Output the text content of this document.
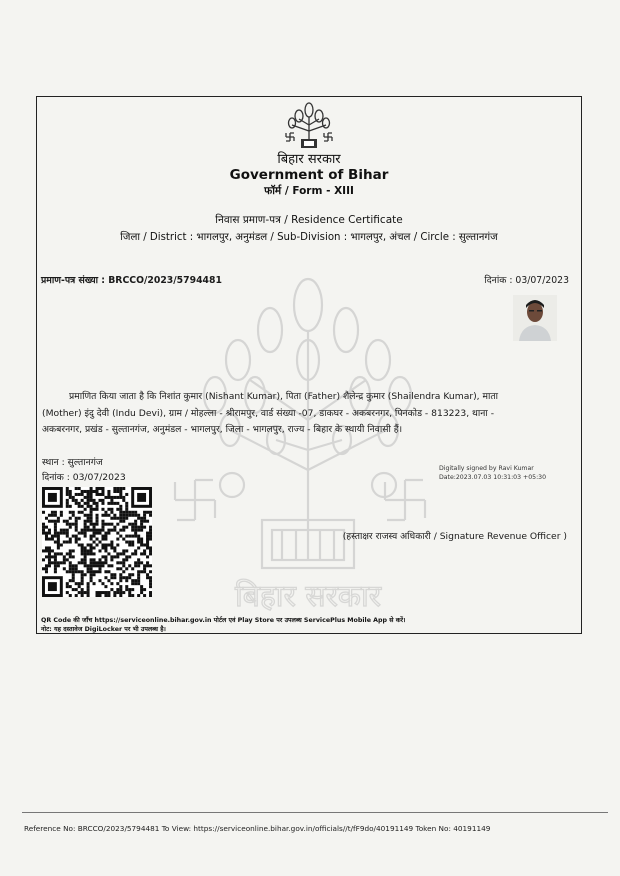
बिहार सरकार
बिहार सरकार
Government of Bihar
फॉर्म / Form - XIII
निवास प्रमाण-पत्र / Residence Certificate
जिला / District : भागलपुर, अनुमंडल / Sub-Division : भागलपुर, अंचल / Circle : सुल्तानगंज
प्रमाण-पत्र संख्या : BRCCO/2023/5794481	दिनांक : 03/07/2023
प्रमाणित किया जाता है कि निशांत कुमार (Nishant Kumar), पिता (Father) शैलेन्द्र कुमार (Shailendra Kumar), माता
(Mother) इंदु देवी (Indu Devi), ग्राम / मोहल्ला - श्रीरामपुर, वार्ड संख्या -07, डाकघर - अकबरनगर, पिनकोड - 813223, थाना -
अकबरनगर, प्रखंड - सुल्तानगंज, अनुमंडल - भागलपुर, जिला - भागलपुर, राज्य - बिहार के स्थायी निवासी हैं।
स्थान : सुल्तानगंज
दिनांक : 03/07/2023
Digitally signed by Ravi Kumar
Date:2023.07.03 10:31:03 +05:30
(हस्ताक्षर राजस्व अधिकारी / Signature Revenue Officer )
QR Code की जाँच https://serviceonline.bihar.gov.in पोर्टल एवं Play Store पर उपलब्ध ServicePlus Mobile App से करें।
नोट: यह दस्तावेज DigiLocker पर भी उपलब्ध है।
Reference No: BRCCO/2023/5794481 To View: https://serviceonline.bihar.gov.in/officials//t/fF9do/40191149 Token No: 40191149
